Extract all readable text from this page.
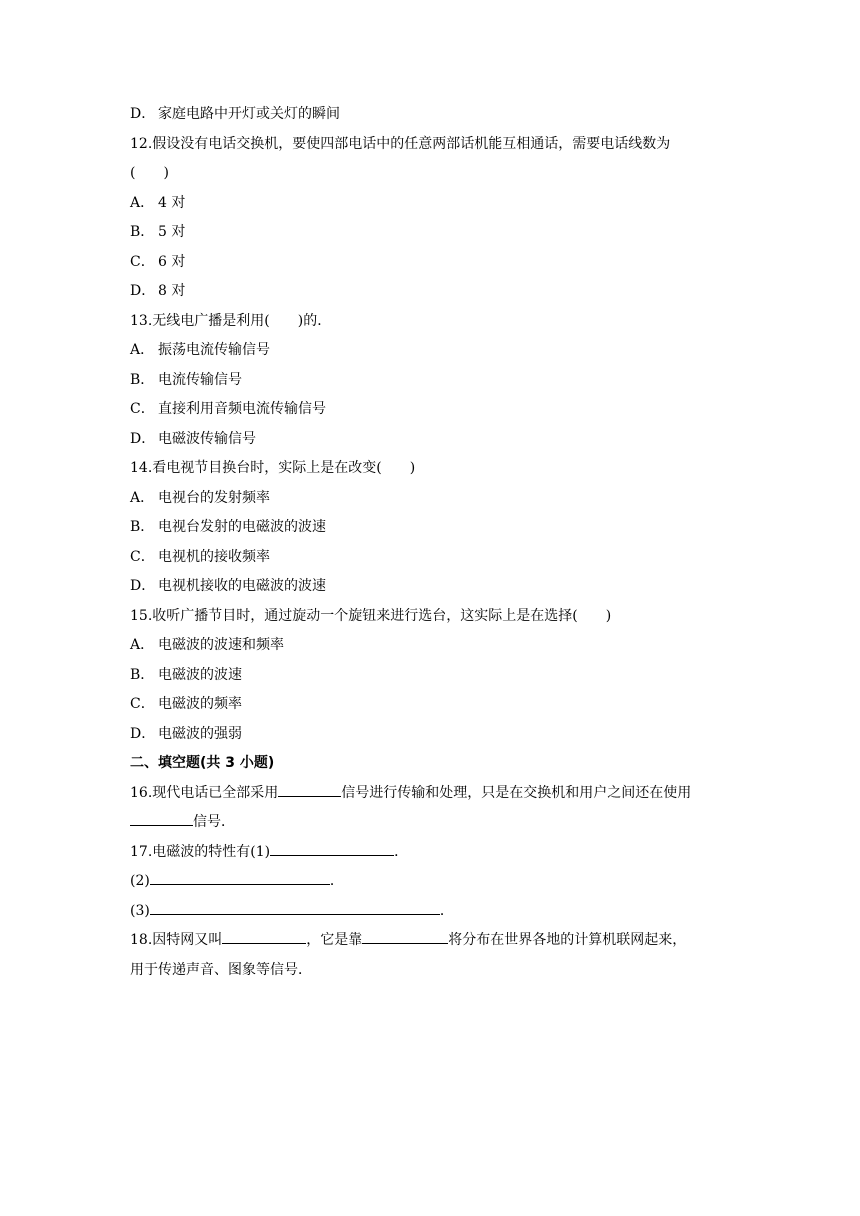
D． 家庭电路中开灯或关灯的瞬间
12.假设没有电话交换机，要使四部电话中的任意两部话机能互相通话，需要电话线数为
(　　)
A． 4 对
B． 5 对
C． 6 对
D． 8 对
13.无线电广播是利用(　　)的．
A． 振荡电流传输信号
B． 电流传输信号
C． 直接利用音频电流传输信号
D． 电磁波传输信号
14.看电视节目换台时，实际上是在改变(　　)
A． 电视台的发射频率
B． 电视台发射的电磁波的波速
C． 电视机的接收频率
D． 电视机接收的电磁波的波速
15.收听广播节目时，通过旋动一个旋钮来进行选台，这实际上是在选择(　　)
A． 电磁波的波速和频率
B． 电磁波的波速
C． 电磁波的频率
D． 电磁波的强弱
二、填空题(共 3 小题)
16.现代电话已全部采用	信号进行传输和处理，只是在交换机和用户之间还在使用
信号．
17.电磁波的特性有(1)	．
(2)	．
(3)	．
18.因特网又叫	，它是靠	将分布在世界各地的计算机联网起来，
用于传递声音、图象等信号．
